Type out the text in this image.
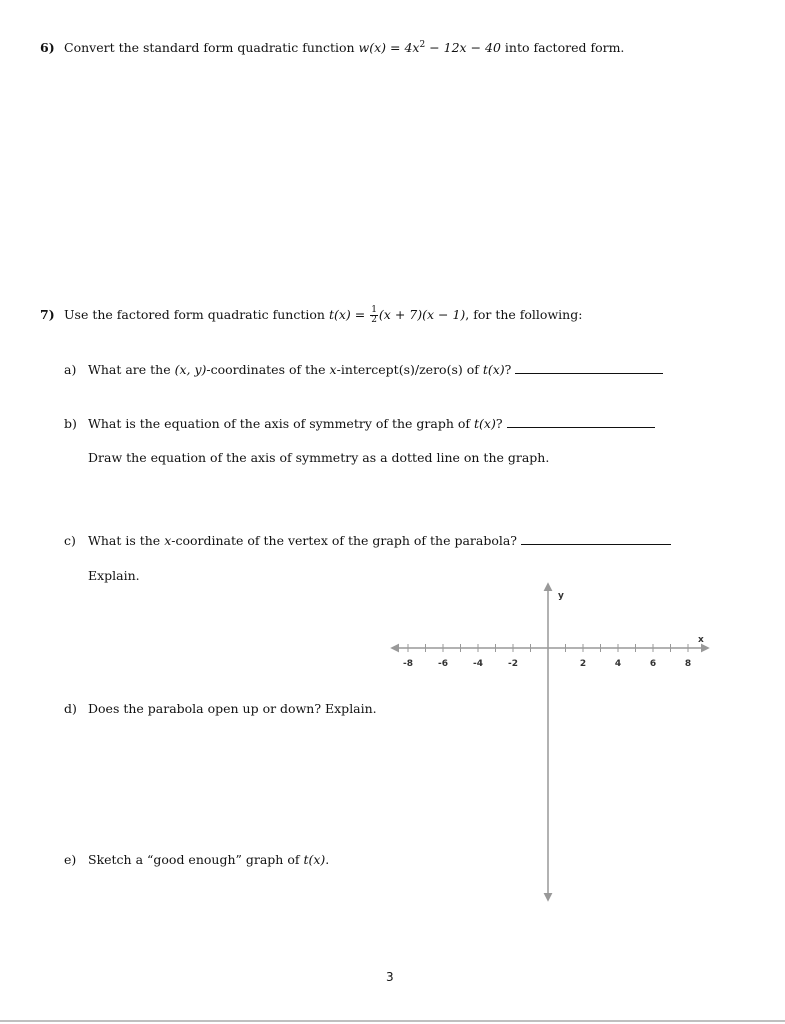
6) Convert the standard form quadratic function $w(x) = 4x^2 - 12x - 40$ into factored form.
7) Use the factored form quadratic function $t(x) = \frac{1}{2} (x + 7)(x - 1)$, for the following:
a) What are the (x, y)-coordinates of the x-intercept(s)/zero(s) of t(x)?
b) What is the equation of the axis of symmetry of the graph of t(x)?
Draw the equation of the axis of symmetry as a dotted line on the graph.
c) What is the x-coordinate of the vertex of the graph of the parabola?
Explain.
d) Does the parabola open up or down? Explain.
e) Sketch a “good enough” graph of t(x).
-8	-6	-4	-2	2	4	6	8
x
y
3
